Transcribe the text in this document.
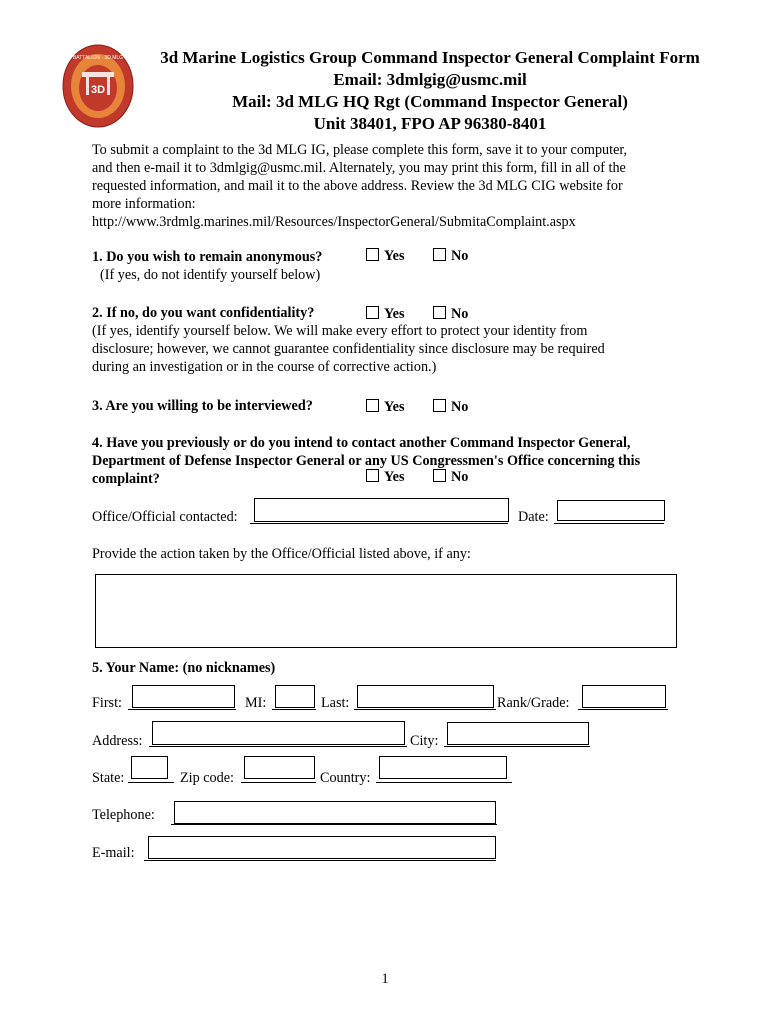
3D
BATTALION · 3D MLG	3d Marine Logistics Group Command Inspector General Complaint Form
Email: 3dmlgig@usmc.mil
Mail: 3d MLG HQ Rgt (Command Inspector General)
Unit 38401, FPO AP 96380-8401
To submit a complaint to the 3d MLG IG, please complete this form, save it to your computer,
and then e-mail it to 3dmlgig@usmc.mil. Alternately, you may print this form, fill in all of the
requested information, and mail it to the above address. Review the 3d MLG CIG website for
more information:
http://www.3rdmlg.marines.mil/Resources/InspectorGeneral/SubmitaComplaint.aspx
1. Do you wish to remain anonymous?
(If yes, do not identify yourself below)
Yes	No
2. If no, do you want confidentiality?	Yes	No
(If yes, identify yourself below. We will make every effort to protect your identity from
disclosure; however, we cannot guarantee confidentiality since disclosure may be required
during an investigation or in the course of corrective action.)
3. Are you willing to be interviewed?	Yes	No
4. Have you previously or do you intend to contact another Command Inspector General,
Department of Defense Inspector General or any US Congressmen's Office concerning this
complaint?	Yes	No
Office/Official contacted:	Date:
Provide the action taken by the Office/Official listed above, if any:
5. Your Name: (no nicknames)
First:	MI:	Last:	Rank/Grade:
Address:	City:
State:	Zip code:	Country:
Telephone:
E-mail:
1
